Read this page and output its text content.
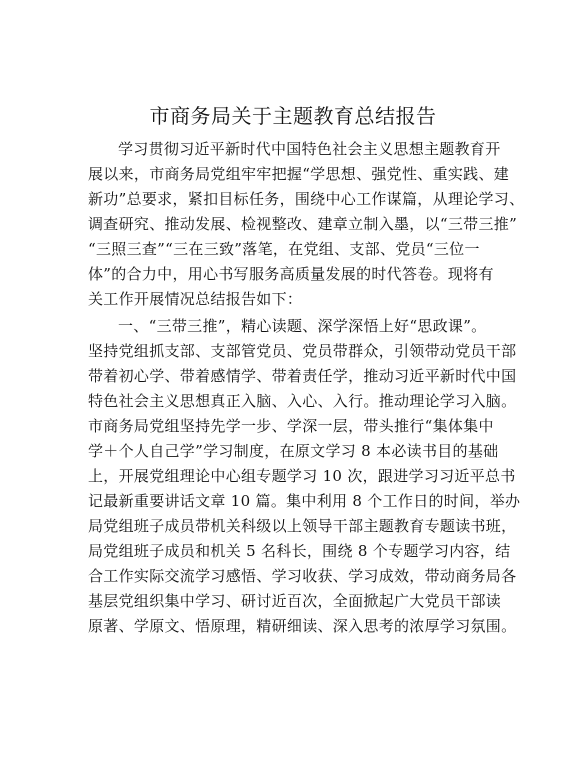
市商务局关于主题教育总结报告
学习贯彻习近平新时代中国特色社会主义思想主题教育开
展以来，市商务局党组牢牢把握“学思想、强党性、重实践、建
新功”总要求，紧扣目标任务，围绕中心工作谋篇，从理论学习、
调查研究、推动发展、检视整改、建章立制入墨，以“三带三推”
“三照三查”“三在三致”落笔，在党组、支部、党员“三位一
体”的合力中，用心书写服务高质量发展的时代答卷。现将有
关工作开展情况总结报告如下：
一、“三带三推”，精心读题、深学深悟上好“思政课”。
坚持党组抓支部、支部管党员、党员带群众，引领带动党员干部
带着初心学、带着感情学、带着责任学，推动习近平新时代中国
特色社会主义思想真正入脑、入心、入行。推动理论学习入脑。
市商务局党组坚持先学一步、学深一层，带头推行“集体集中
学＋个人自己学”学习制度，在原文学习 8 本必读书目的基础
上，开展党组理论中心组专题学习 10 次，跟进学习习近平总书
记最新重要讲话文章 10 篇。集中利用 8 个工作日的时间，举办
局党组班子成员带机关科级以上领导干部主题教育专题读书班，
局党组班子成员和机关 5 名科长，围绕 8 个专题学习内容，结
合工作实际交流学习感悟、学习收获、学习成效，带动商务局各
基层党组织集中学习、研讨近百次，全面掀起广大党员干部读
原著、学原文、悟原理，精研细读、深入思考的浓厚学习氛围。
